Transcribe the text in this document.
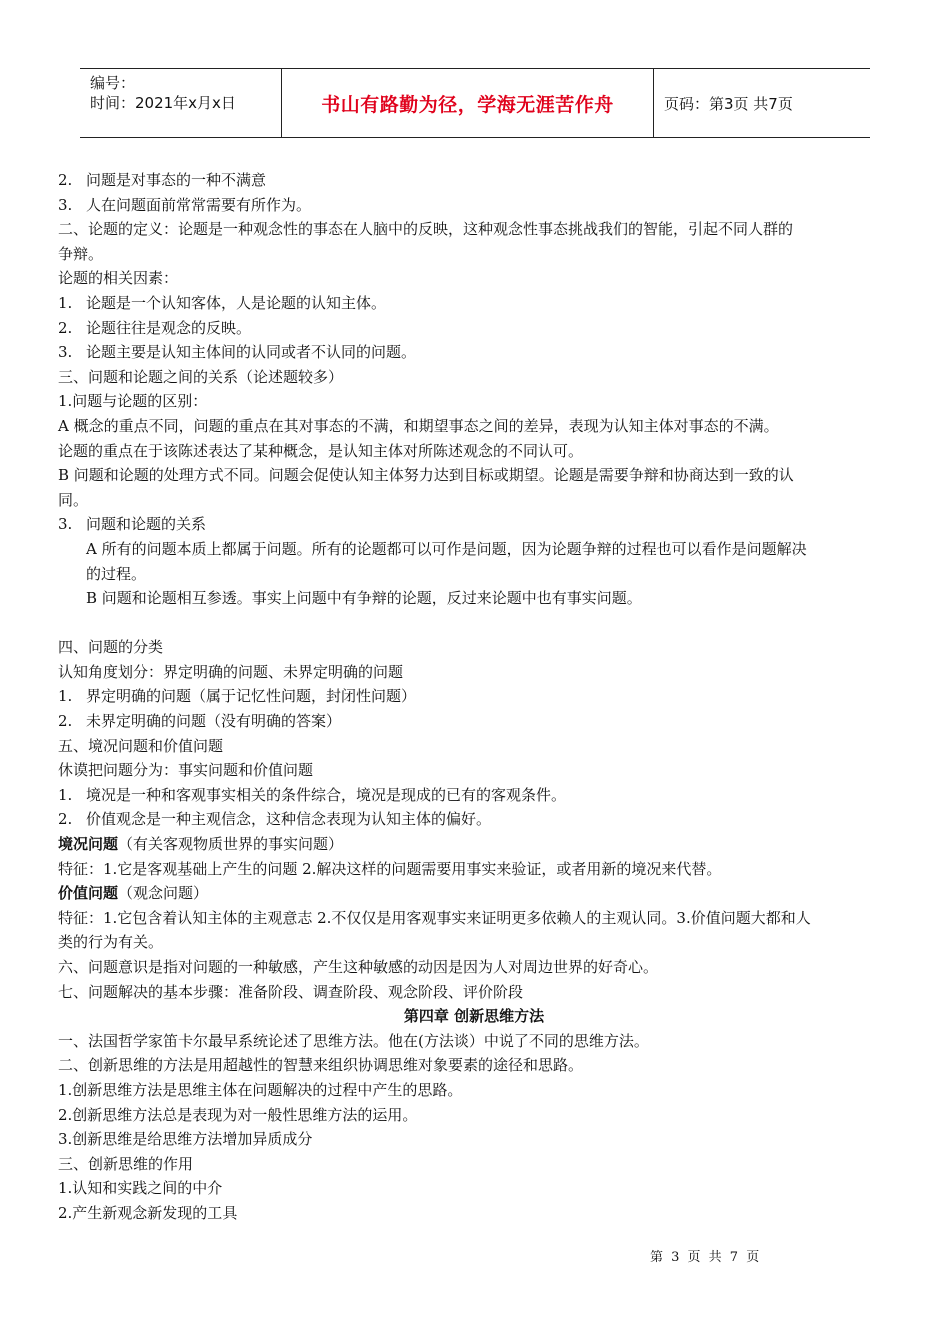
编号：
时间：2021年x月x日	书山有路勤为径，学海无涯苦作舟	页码：第3页 共7页
2. 问题是对事态的一种不满意
3. 人在问题面前常常需要有所作为。
二、论题的定义：论题是一种观念性的事态在人脑中的反映，这种观念性事态挑战我们的智能，引起不同人群的
争辩。
论题的相关因素：
1. 论题是一个认知客体，人是论题的认知主体。
2. 论题往往是观念的反映。
3. 论题主要是认知主体间的认同或者不认同的问题。
三、问题和论题之间的关系（论述题较多）
1.问题与论题的区别：
A 概念的重点不同，问题的重点在其对事态的不满，和期望事态之间的差异，表现为认知主体对事态的不满。
论题的重点在于该陈述表达了某种概念，是认知主体对所陈述观念的不同认可。
B 问题和论题的处理方式不同。问题会促使认知主体努力达到目标或期望。论题是需要争辩和协商达到一致的认
同。
3. 问题和论题的关系
A 所有的问题本质上都属于问题。所有的论题都可以可作是问题，因为论题争辩的过程也可以看作是问题解决
的过程。
B 问题和论题相互参透。事实上问题中有争辩的论题，反过来论题中也有事实问题。
四、问题的分类
认知角度划分：界定明确的问题、未界定明确的问题
1. 界定明确的问题（属于记忆性问题，封闭性问题）
2. 未界定明确的问题（没有明确的答案）
五、境况问题和价值问题
休谟把问题分为：事实问题和价值问题
1. 境况是一种和客观事实相关的条件综合，境况是现成的已有的客观条件。
2. 价值观念是一种主观信念，这种信念表现为认知主体的偏好。
境况问题（有关客观物质世界的事实问题）
特征：1.它是客观基础上产生的问题 2.解决这样的问题需要用事实来验证，或者用新的境况来代替。
价值问题（观念问题）
特征：1.它包含着认知主体的主观意志 2.不仅仅是用客观事实来证明更多依赖人的主观认同。3.价值问题大都和人
类的行为有关。
六、问题意识是指对问题的一种敏感，产生这种敏感的动因是因为人对周边世界的好奇心。
七、问题解决的基本步骤：准备阶段、调查阶段、观念阶段、评价阶段
第四章 创新思维方法
一、法国哲学家笛卡尔最早系统论述了思维方法。他在(方法谈）中说了不同的思维方法。
二、创新思维的方法是用超越性的智慧来组织协调思维对象要素的途径和思路。
1.创新思维方法是思维主体在问题解决的过程中产生的思路。
2.创新思维方法总是表现为对一般性思维方法的运用。
3.创新思维是给思维方法增加异质成分
三、创新思维的作用
1.认知和实践之间的中介
2.产生新观念新发现的工具
第 3 页 共 7 页
